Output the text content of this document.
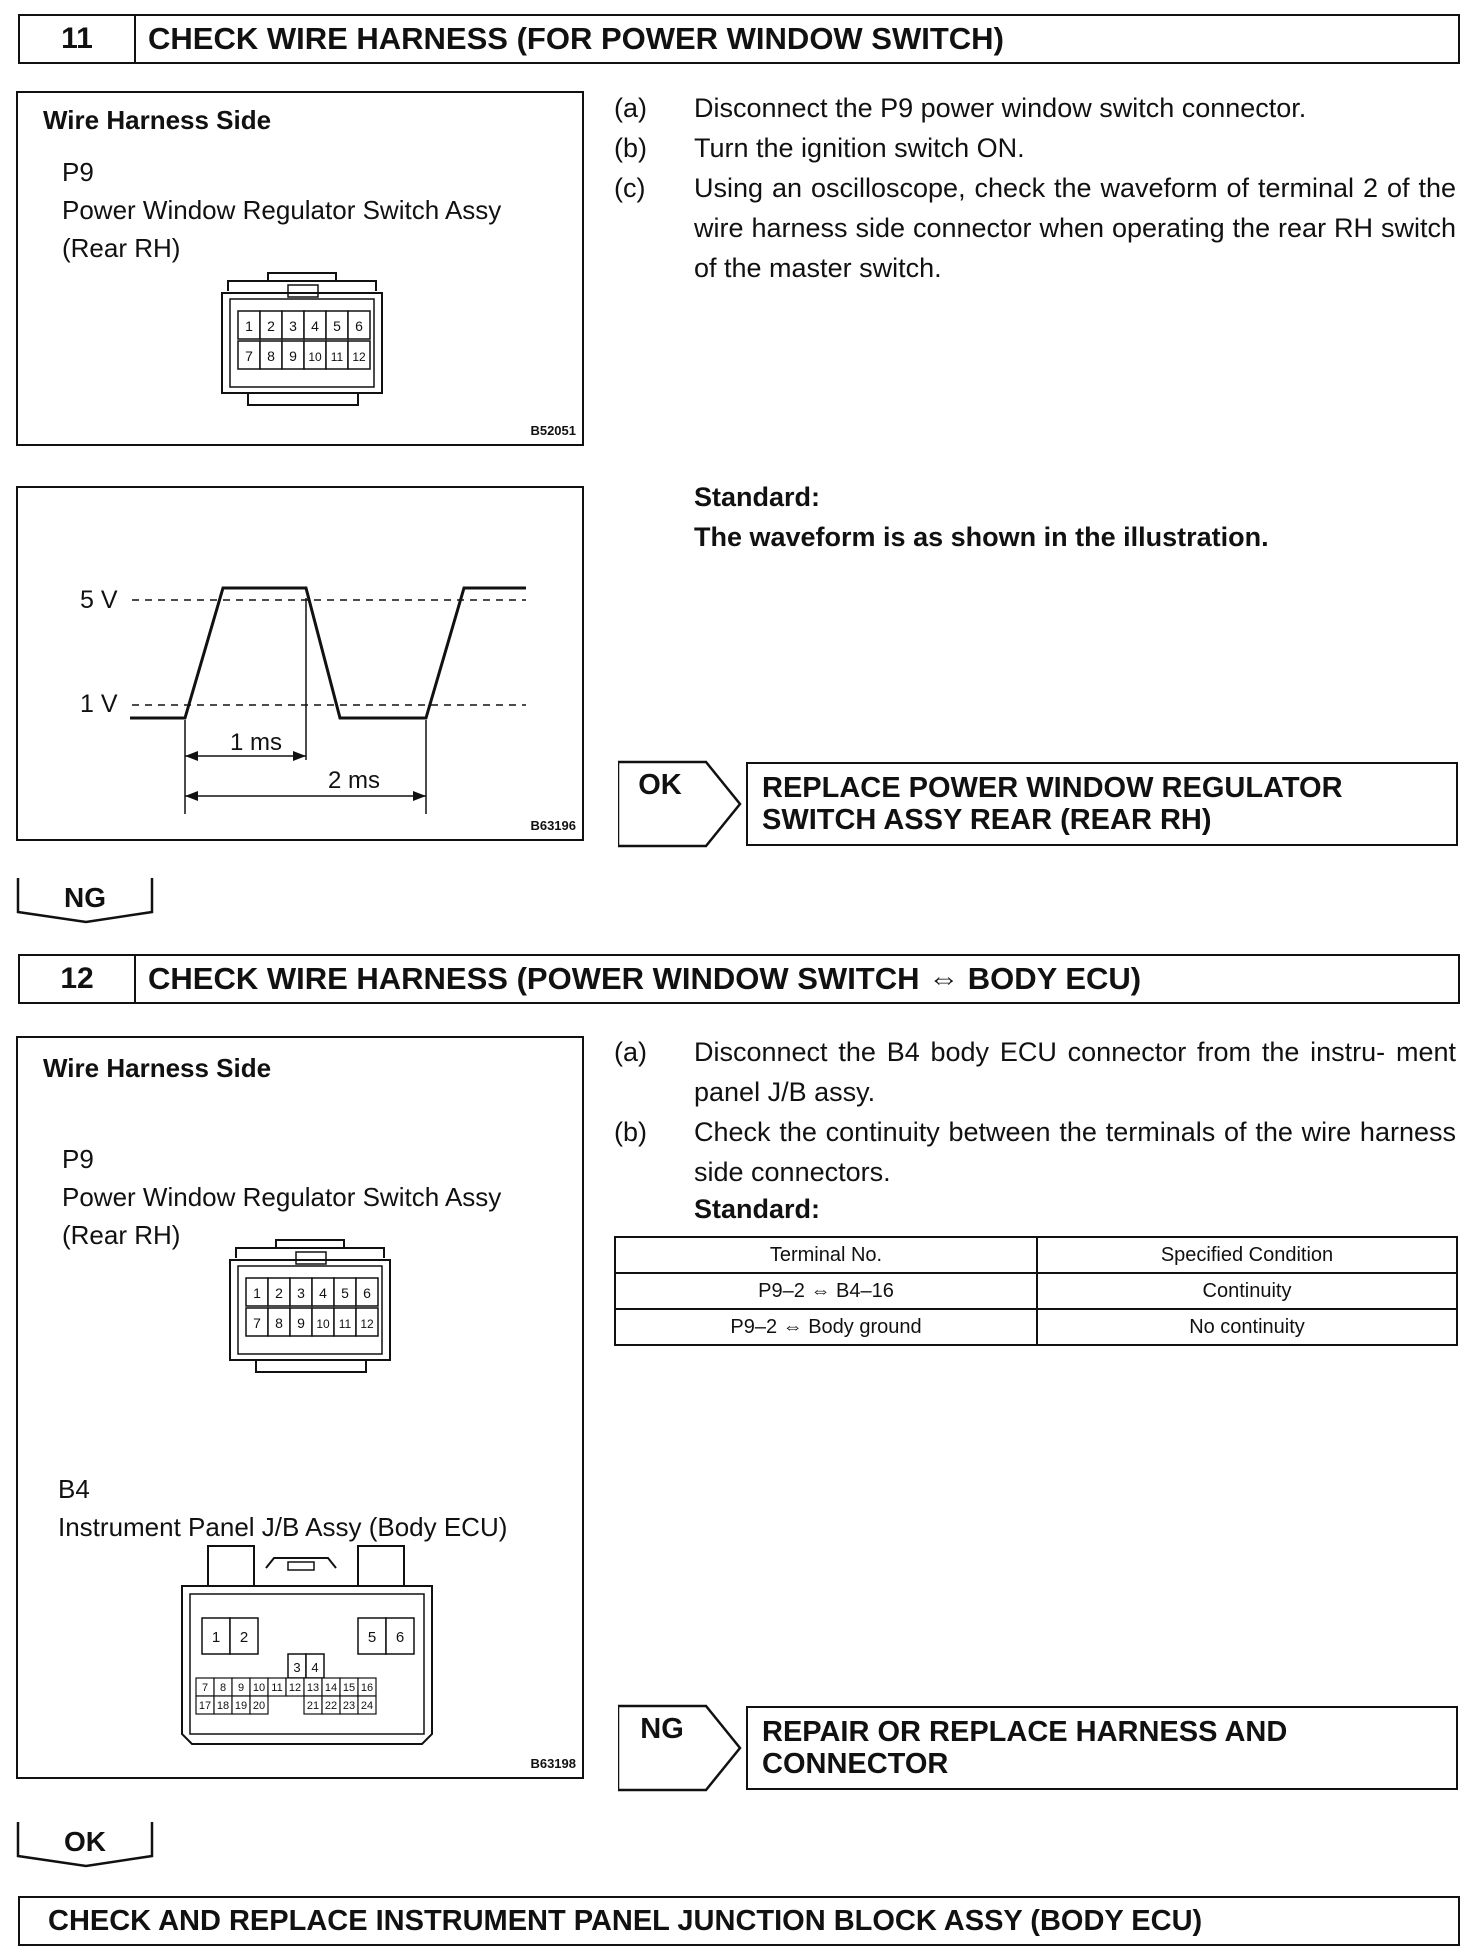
11	CHECK WIRE HARNESS (FOR POWER WINDOW SWITCH)
Wire Harness Side
P9
Power Window Regulator Switch Assy
(Rear RH)
1 2 3 4 5 6
7 8 9 10 11 12
B52051
(a) Disconnect the P9 power window switch connector.
(b) Turn the ignition switch ON.
(c) Using an oscilloscope, check the waveform of terminal 2 of the wire harness side connector when operating the rear RH switch of the master switch.
5 V
1 V
1 ms
2 ms
B63196
Standard:
The waveform is as shown in the illustration.
OK	REPLACE POWER WINDOW REGULATOR
SWITCH ASSY REAR (REAR RH)
NG
12	CHECK WIRE HARNESS (POWER WINDOW SWITCH ⇔ BODY ECU)
Wire Harness Side
P9
Power Window Regulator Switch Assy
(Rear RH)
1 2 3 4 5 6
7 8 9 10 11 12
B4
Instrument Panel J/B Assy (Body ECU)
1 2	5 6
3 4
7 8 9 10 11 12 13 14 15 16
17 18 19 20	21 22 23 24
B63198
(a) Disconnect the B4 body ECU connector from the instru- ment panel J/B assy.
(b) Check the continuity between the terminals of the wire harness side connectors.
Standard:
Terminal No.	Specified Condition
P9–2 ⇔ B4–16	Continuity
P9–2 ⇔ Body ground	No continuity
NG	REPAIR OR REPLACE HARNESS AND
CONNECTOR
OK
CHECK AND REPLACE INSTRUMENT PANEL JUNCTION BLOCK ASSY (BODY ECU)
